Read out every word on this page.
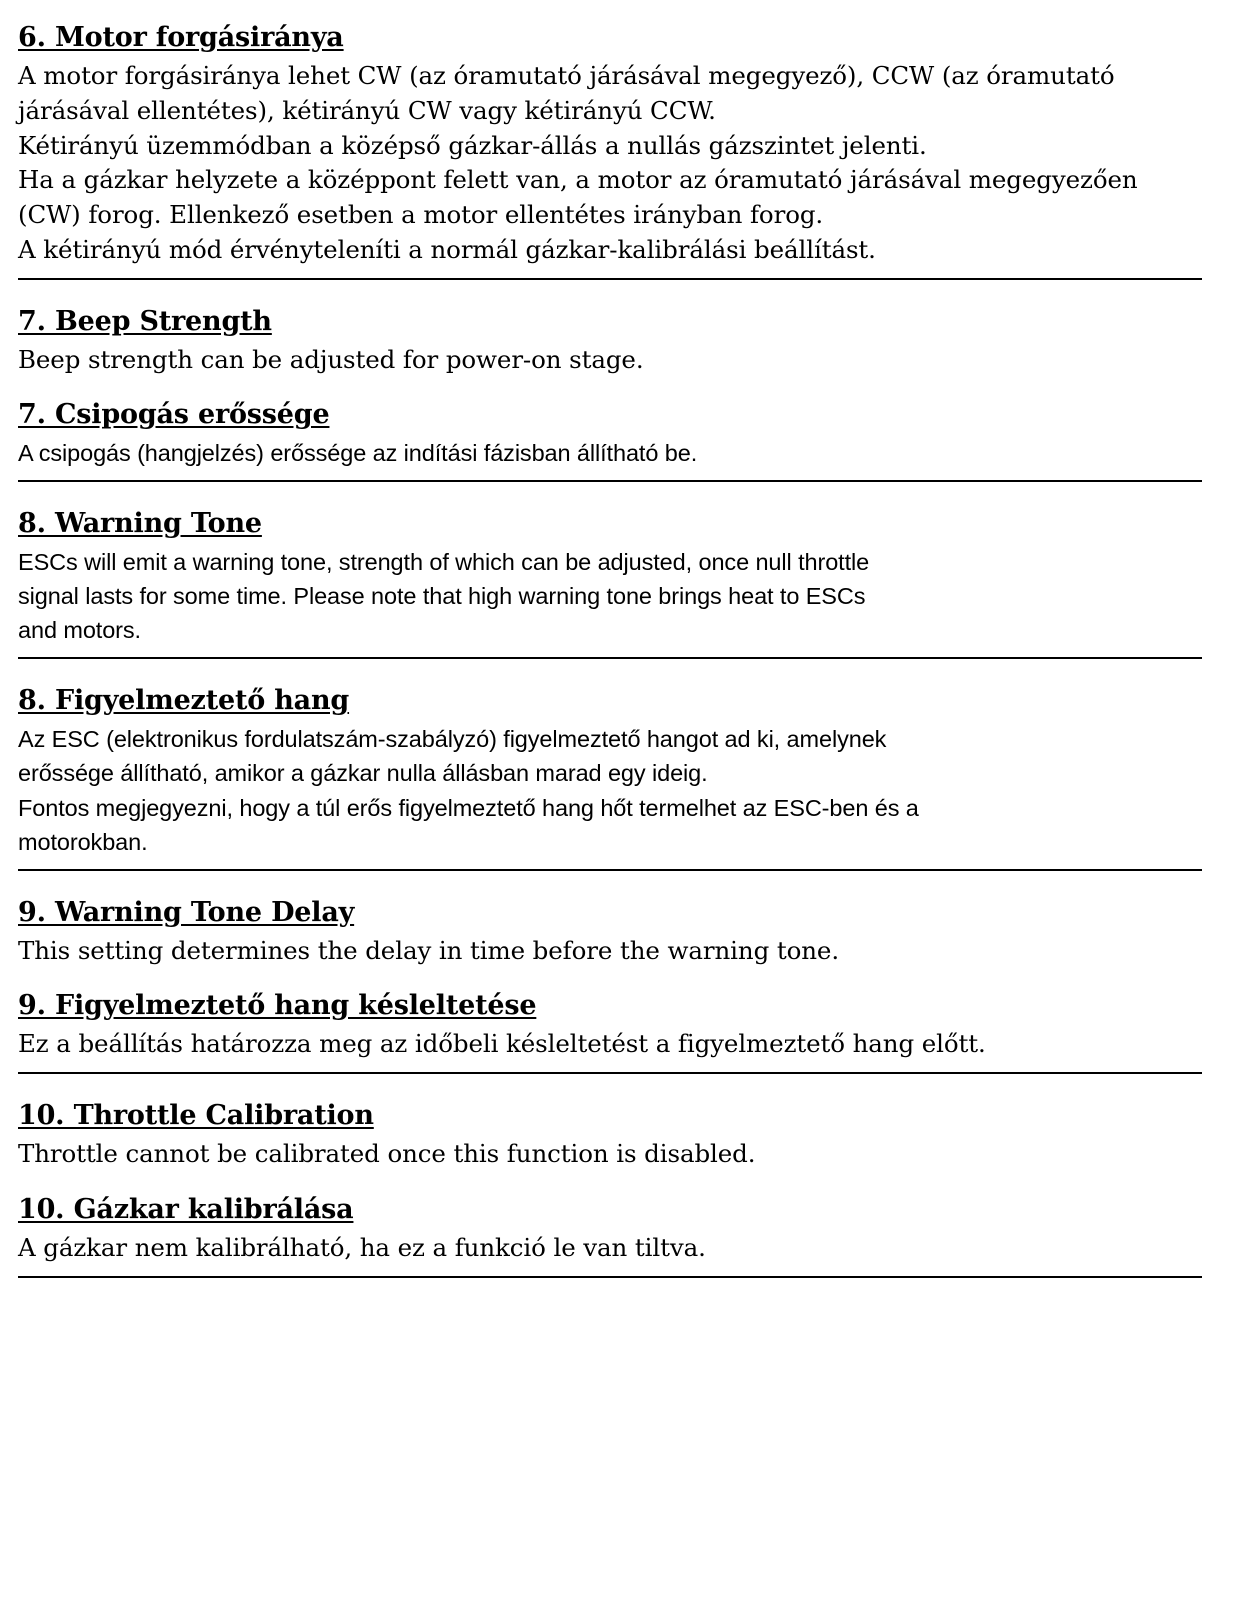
6. Motor forgásiránya

A motor forgásiránya lehet CW (az óramutató járásával megegyező), CCW (az óramutató
járásával ellentétes), kétirányú CW vagy kétirányú CCW.
Kétirányú üzemmódban a középső gázkar-állás a nullás gázszintet jelenti.
Ha a gázkar helyzete a középpont felett van, a motor az óramutató járásával megegyezően
(CW) forog. Ellenkező esetben a motor ellentétes irányban forog.
A kétirányú mód érvényteleníti a normál gázkar-kalibrálási beállítást.

7. Beep Strength

Beep strength can be adjusted for power-on stage.

7. Csipogás erőssége

A csipogás (hangjelzés) erőssége az indítási fázisban állítható be.

8. Warning Tone

ESCs will emit a warning tone, strength of which can be adjusted, once null throttle
signal lasts for some time. Please note that high warning tone brings heat to ESCs
and motors.

8. Figyelmeztető hang

Az ESC (elektronikus fordulatszám-szabályzó) figyelmeztető hangot ad ki, amelynek
erőssége állítható, amikor a gázkar nulla állásban marad egy ideig.
Fontos megjegyezni, hogy a túl erős figyelmeztető hang hőt termelhet az ESC-ben és a
motorokban.

9. Warning Tone Delay

This setting determines the delay in time before the warning tone.

9. Figyelmeztető hang késleltetése

Ez a beállítás határozza meg az időbeli késleltetést a figyelmeztető hang előtt.

10. Throttle Calibration

Throttle cannot be calibrated once this function is disabled.

10. Gázkar kalibrálása

A gázkar nem kalibrálható, ha ez a funkció le van tiltva.
